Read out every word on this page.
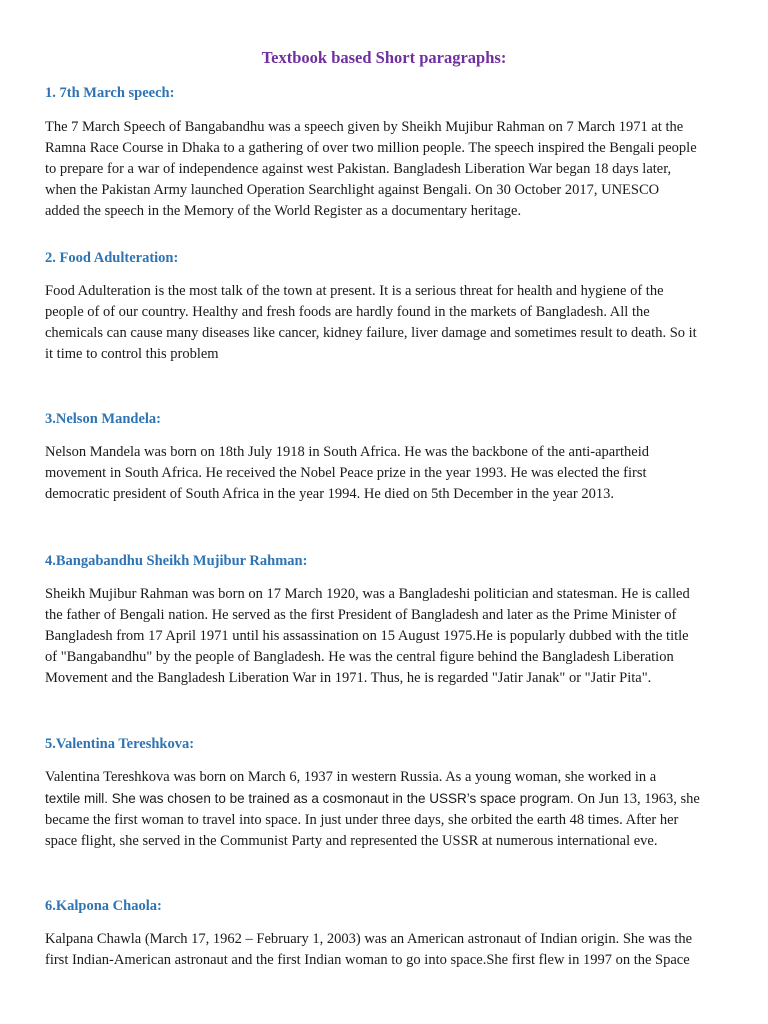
Textbook based Short paragraphs:
1. 7th March speech:
The 7 March Speech of Bangabandhu was a speech given by Sheikh Mujibur Rahman on 7 March 1971 at the
Ramna Race Course in Dhaka to a gathering of over two million people. The speech inspired the Bengali people
to prepare for a war of independence against west Pakistan. Bangladesh Liberation War began 18 days later,
when the Pakistan Army launched Operation Searchlight against Bengali. On 30 October 2017, UNESCO
added the speech in the Memory of the World Register as a documentary heritage.
2. Food Adulteration:
Food Adulteration is the most talk of the town at present. It is a serious threat for health and hygiene of the
people of of our country. Healthy and fresh foods are hardly found in the markets of Bangladesh. All the
chemicals can cause many diseases like cancer, kidney failure, liver damage and sometimes result to death. So it
it time to control this problem
3.Nelson Mandela:
Nelson Mandela was born on 18th July 1918 in South Africa. He was the backbone of the anti-apartheid
movement in South Africa. He received the Nobel Peace prize in the year 1993. He was elected the first
democratic president of South Africa in the year 1994. He died on 5th December in the year 2013.
4.Bangabandhu Sheikh Mujibur Rahman:
Sheikh Mujibur Rahman was born on 17 March 1920, was a Bangladeshi politician and statesman. He is called
the father of Bengali nation. He served as the first President of Bangladesh and later as the Prime Minister of
Bangladesh from 17 April 1971 until his assassination on 15 August 1975.He is popularly dubbed with the title
of "Bangabandhu" by the people of Bangladesh. He was the central figure behind the Bangladesh Liberation
Movement and the Bangladesh Liberation War in 1971. Thus, he is regarded "Jatir Janak" or "Jatir Pita".
5.Valentina Tereshkova:
Valentina Tereshkova was born on March 6, 1937 in western Russia. As a young woman, she worked in a
textile mill. She was chosen to be trained as a cosmonaut in the USSR’s space program. On Jun 13, 1963, she
became the first woman to travel into space. In just under three days, she orbited the earth 48 times. After her
space flight, she served in the Communist Party and represented the USSR at numerous international eve.
6.Kalpona Chaola:
Kalpana Chawla (March 17, 1962 – February 1, 2003) was an American astronaut of Indian origin. She was the
first Indian-American astronaut and the first Indian woman to go into space.She first flew in 1997 on the Space
